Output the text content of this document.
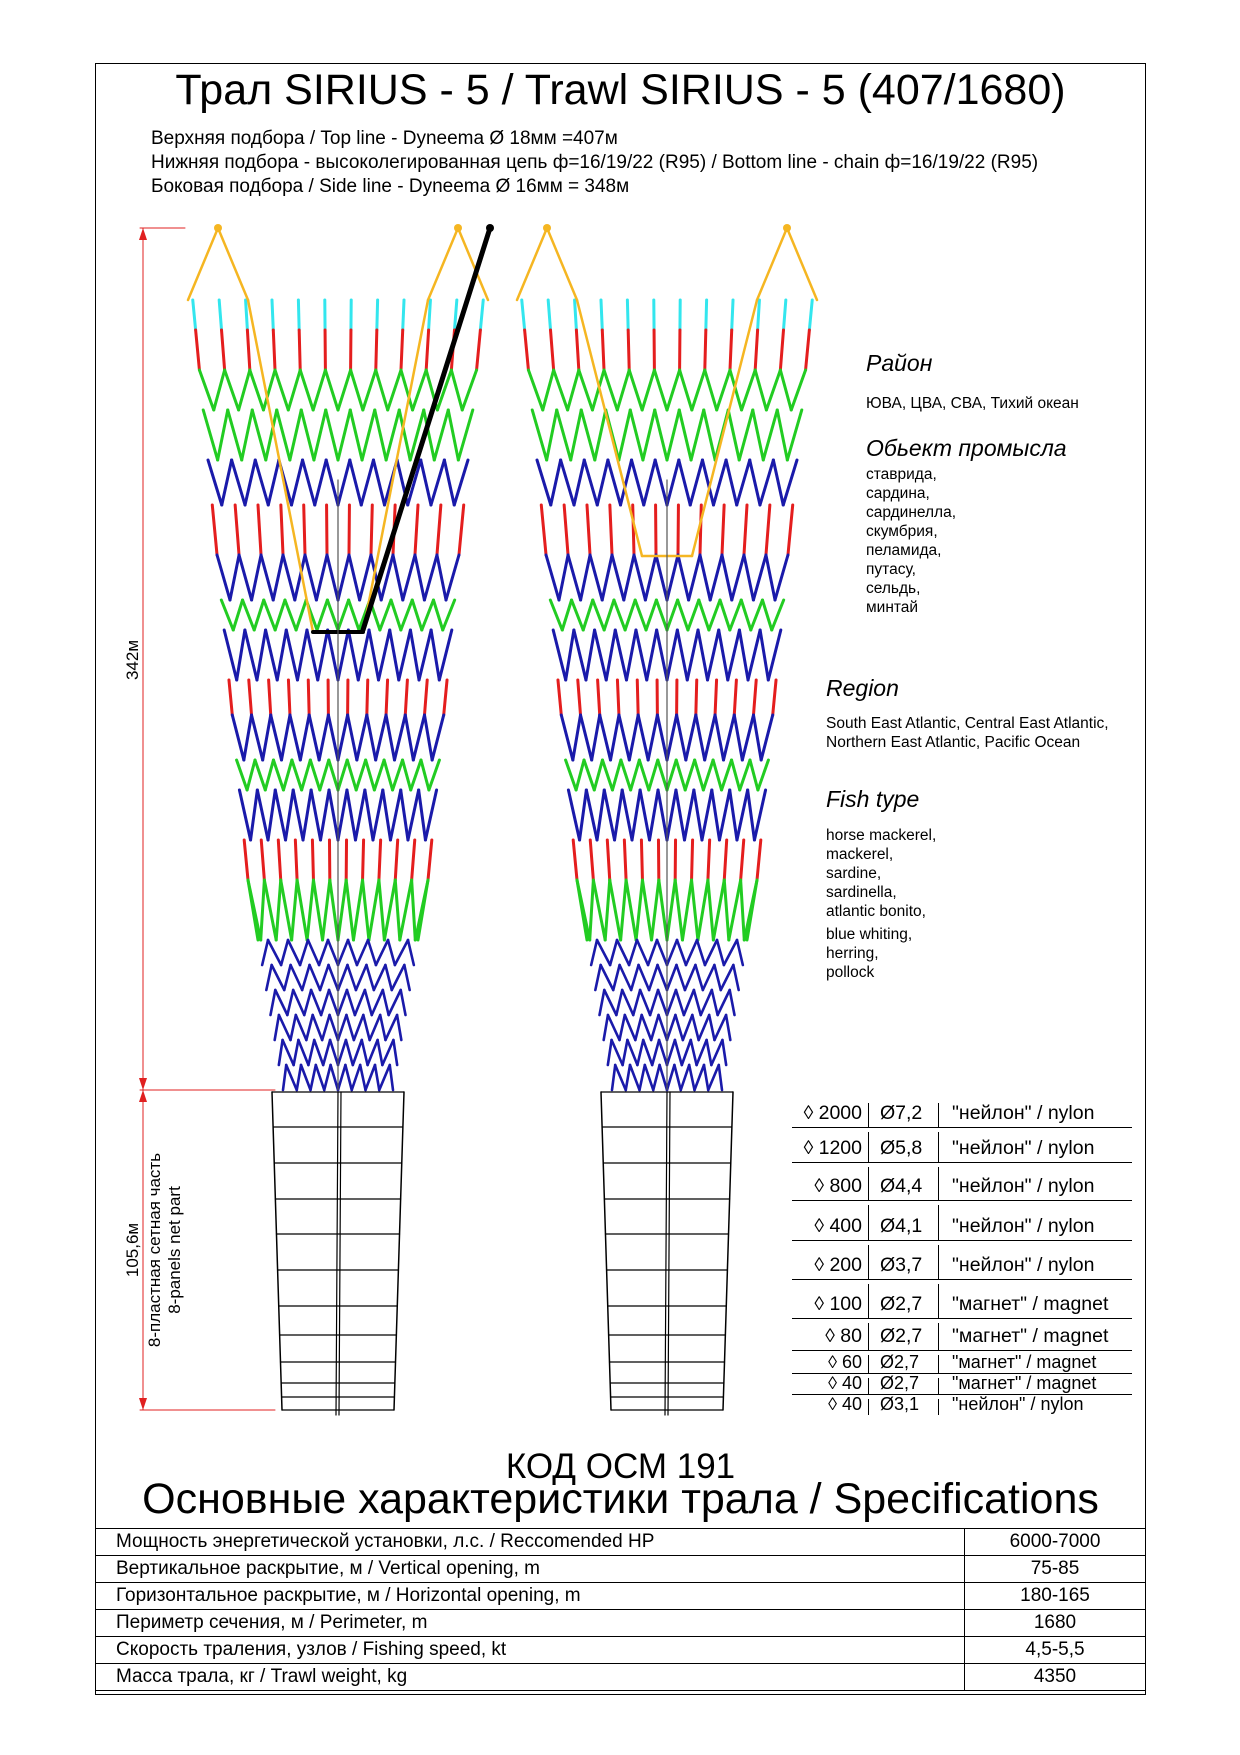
Трал SIRIUS - 5 / Trawl SIRIUS - 5 (407/1680)
Верхняя подбора / Top line - Dyneema Ø 18мм =407м
Нижняя подбора - высоколегированная цепь ф=16/19/22 (R95) / Bottom line - chain ф=16/19/22 (R95)
Боковая подбора / Side line - Dyneema Ø 16мм = 348м
342м
105,6м 8-пластная сетная часть 8-panels net part
Район
ЮВА, ЦВА, СВА, Тихий океан
Обьект промысла
ставрида,
сардина,
сардинелла,
скумбрия,
пеламида,
путасу,
сельдь,
минтай
Region
South East Atlantic, Central East Atlantic,
Northern East Atlantic, Pacific Ocean
Fish type
horse mackerel,
mackerel,
sardine,
sardinella,
atlantic bonito,
blue whiting,
herring,
pollock
◊ 2000 Ø7,2 "нейлон" / nylon
◊ 1200 Ø5,8 "нейлон" / nylon
◊ 800 Ø4,4 "нейлон" / nylon
◊ 400 Ø4,1 "нейлон" / nylon
◊ 200 Ø3,7 "нейлон" / nylon
◊ 100 Ø2,7 "магнет" / magnet
◊ 80 Ø2,7 "магнет" / magnet
◊ 60 Ø2,7 "магнет" / magnet
◊ 40 Ø2,7 "магнет" / magnet
◊ 40 Ø3,1 "нейлон" / nylon
КОД ОСМ 191
Основные характеристики трала / Specifications
Мощность энергетической установки, л.с. / Reccomended HP	6000-7000
Вертикальное раскрытие, м / Vertical opening, m	75-85
Горизонтальное раскрытие, м / Horizontal opening, m	180-165
Периметр сечения, м / Perimeter, m	1680
Скорость траления, узлов / Fishing speed, kt	4,5-5,5
Масса трала, кг / Trawl weight, kg	4350
